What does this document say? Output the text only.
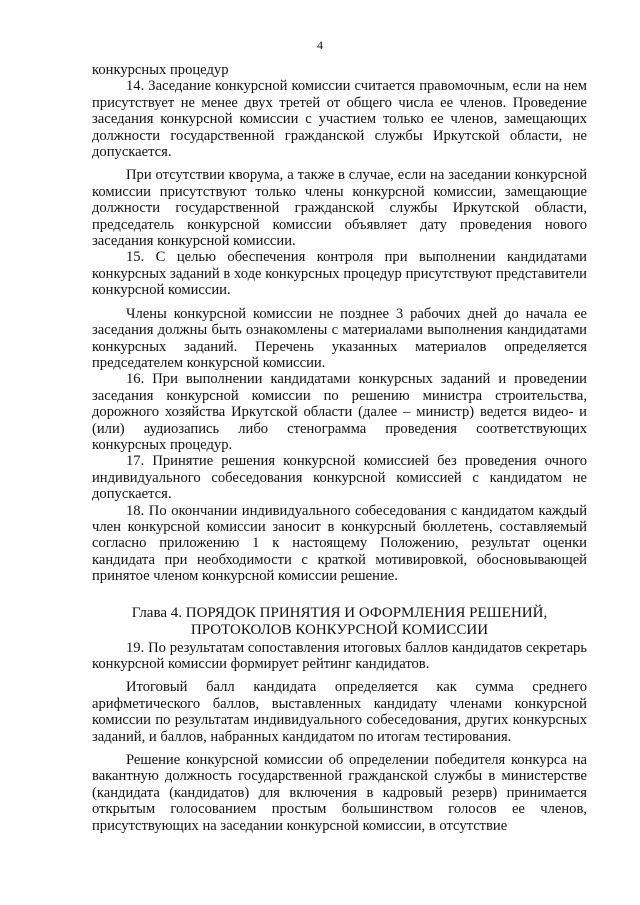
4

конкурсных процедур

14. Заседание конкурсной комиссии считается правомочным, если на нем присутствует не менее двух третей от общего числа ее членов. Проведение заседания конкурсной комиссии с участием только ее членов, замещающих должности государственной гражданской службы Иркутской области, не допускается.

При отсутствии кворума, а также в случае, если на заседании конкурсной комиссии присутствуют только члены конкурсной комиссии, замещающие должности государственной гражданской службы Иркутской области, председатель конкурсной комиссии объявляет дату проведения нового заседания конкурсной комиссии.

15. С целью обеспечения контроля при выполнении кандидатами конкурсных заданий в ходе конкурсных процедур присутствуют представители конкурсной комиссии.

Члены конкурсной комиссии не позднее 3 рабочих дней до начала ее заседания должны быть ознакомлены с материалами выполнения кандидатами конкурсных заданий. Перечень указанных материалов определяется председателем конкурсной комиссии.

16. При выполнении кандидатами конкурсных заданий и проведении заседания конкурсной комиссии по решению министра строительства, дорожного хозяйства Иркутской области (далее – министр) ведется видео- и (или) аудиозапись либо стенограмма проведения соответствующих конкурсных процедур.

17. Принятие решения конкурсной комиссией без проведения очного индивидуального собеседования конкурсной комиссией с кандидатом не допускается.

18. По окончании индивидуального собеседования с кандидатом каждый член конкурсной комиссии заносит в конкурсный бюллетень, составляемый согласно приложению 1 к настоящему Положению, результат оценки кандидата при необходимости с краткой мотивировкой, обосновывающей принятое членом конкурсной комиссии решение.

Глава 4. ПОРЯДОК ПРИНЯТИЯ И ОФОРМЛЕНИЯ РЕШЕНИЙ,
ПРОТОКОЛОВ КОНКУРСНОЙ КОМИССИИ

19. По результатам сопоставления итоговых баллов кандидатов секретарь конкурсной комиссии формирует рейтинг кандидатов.

Итоговый балл кандидата определяется как сумма среднего арифметического баллов, выставленных кандидату членами конкурсной комиссии по результатам индивидуального собеседования, других конкурсных заданий, и баллов, набранных кандидатом по итогам тестирования.

Решение конкурсной комиссии об определении победителя конкурса на вакантную должность государственной гражданской службы в министерстве (кандидата (кандидатов) для включения в кадровый резерв) принимается открытым голосованием простым большинством голосов ее членов, присутствующих на заседании конкурсной комиссии, в отсутствие
